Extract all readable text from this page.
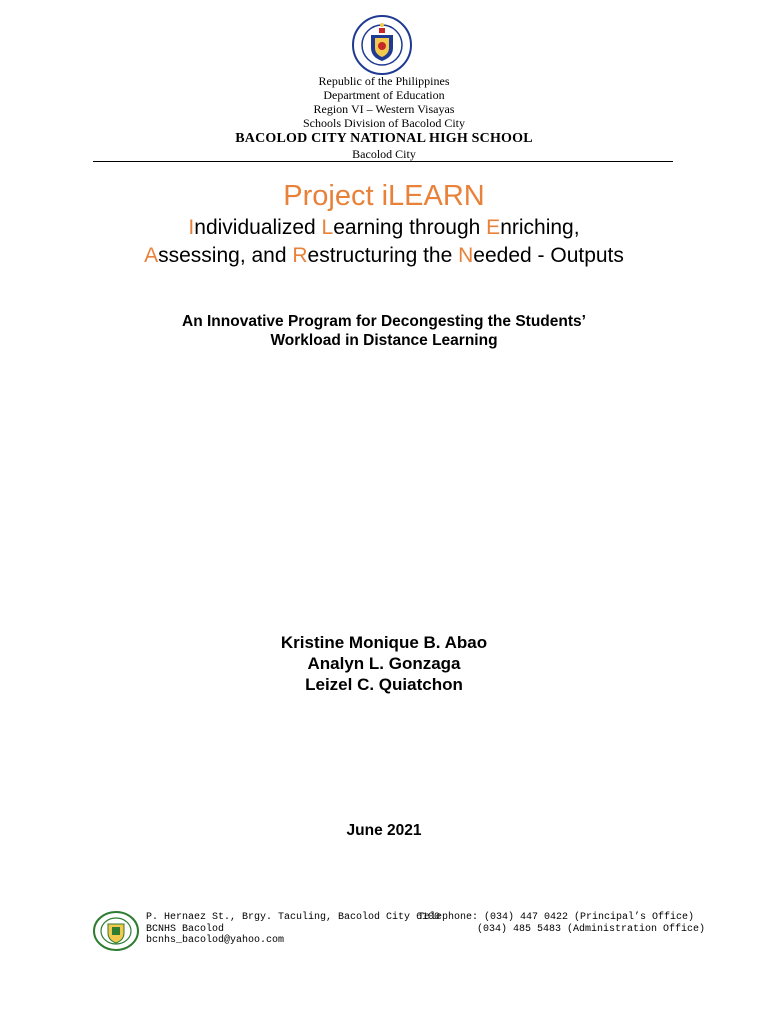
Republic of the Philippines
Department of Education
Region VI – Western Visayas
Schools Division of Bacolod City
BACOLOD CITY NATIONAL HIGH SCHOOL
Bacolod City
Project iLEARN
Individualized Learning through Enriching,
Assessing, and Restructuring the Needed - Outputs
An Innovative Program for Decongesting the Students’
Workload in Distance Learning
Kristine Monique B. Abao
Analyn L. Gonzaga
Leizel C. Quiatchon
June 2021
P. Hernaez St., Brgy. Taculing, Bacolod City 6100
BCNHS Bacolod
bcnhs_bacolod@yahoo.com
Telephone: (034) 447 0422 (Principal’s Office)
(034) 485 5483 (Administration Office)
